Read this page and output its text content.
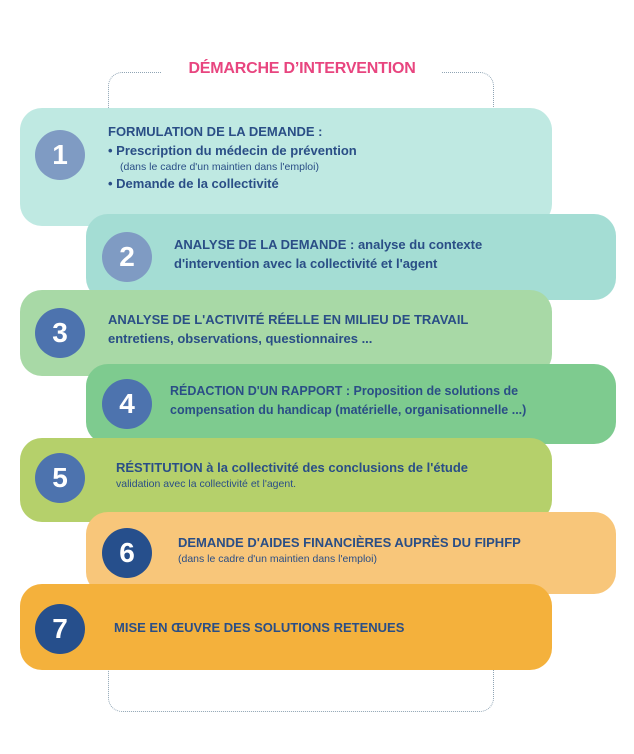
DÉMARCHE D’INTERVENTION
1
FORMULATION DE LA DEMANDE :
• Prescription du médecin de prévention
(dans le cadre d'un maintien dans l'emploi)
• Demande de la collectivité
2	ANALYSE DE LA DEMANDE : analyse du contexte
d'intervention avec la collectivité et l'agent
3	ANALYSE DE L'ACTIVITÉ RÉELLE EN MILIEU DE TRAVAIL
entretiens, observations, questionnaires ...
4	RÉDACTION D'UN RAPPORT : Proposition de solutions de
compensation du handicap (matérielle, organisationnelle ...)
5	RÉSTITUTION à la collectivité des conclusions de l'étude
validation avec la collectivité et l'agent.
6	DEMANDE D'AIDES FINANCIÈRES AUPRÈS DU FIPHFP
(dans le cadre d'un maintien dans l'emploi)
7	MISE EN ŒUVRE DES SOLUTIONS RETENUES
